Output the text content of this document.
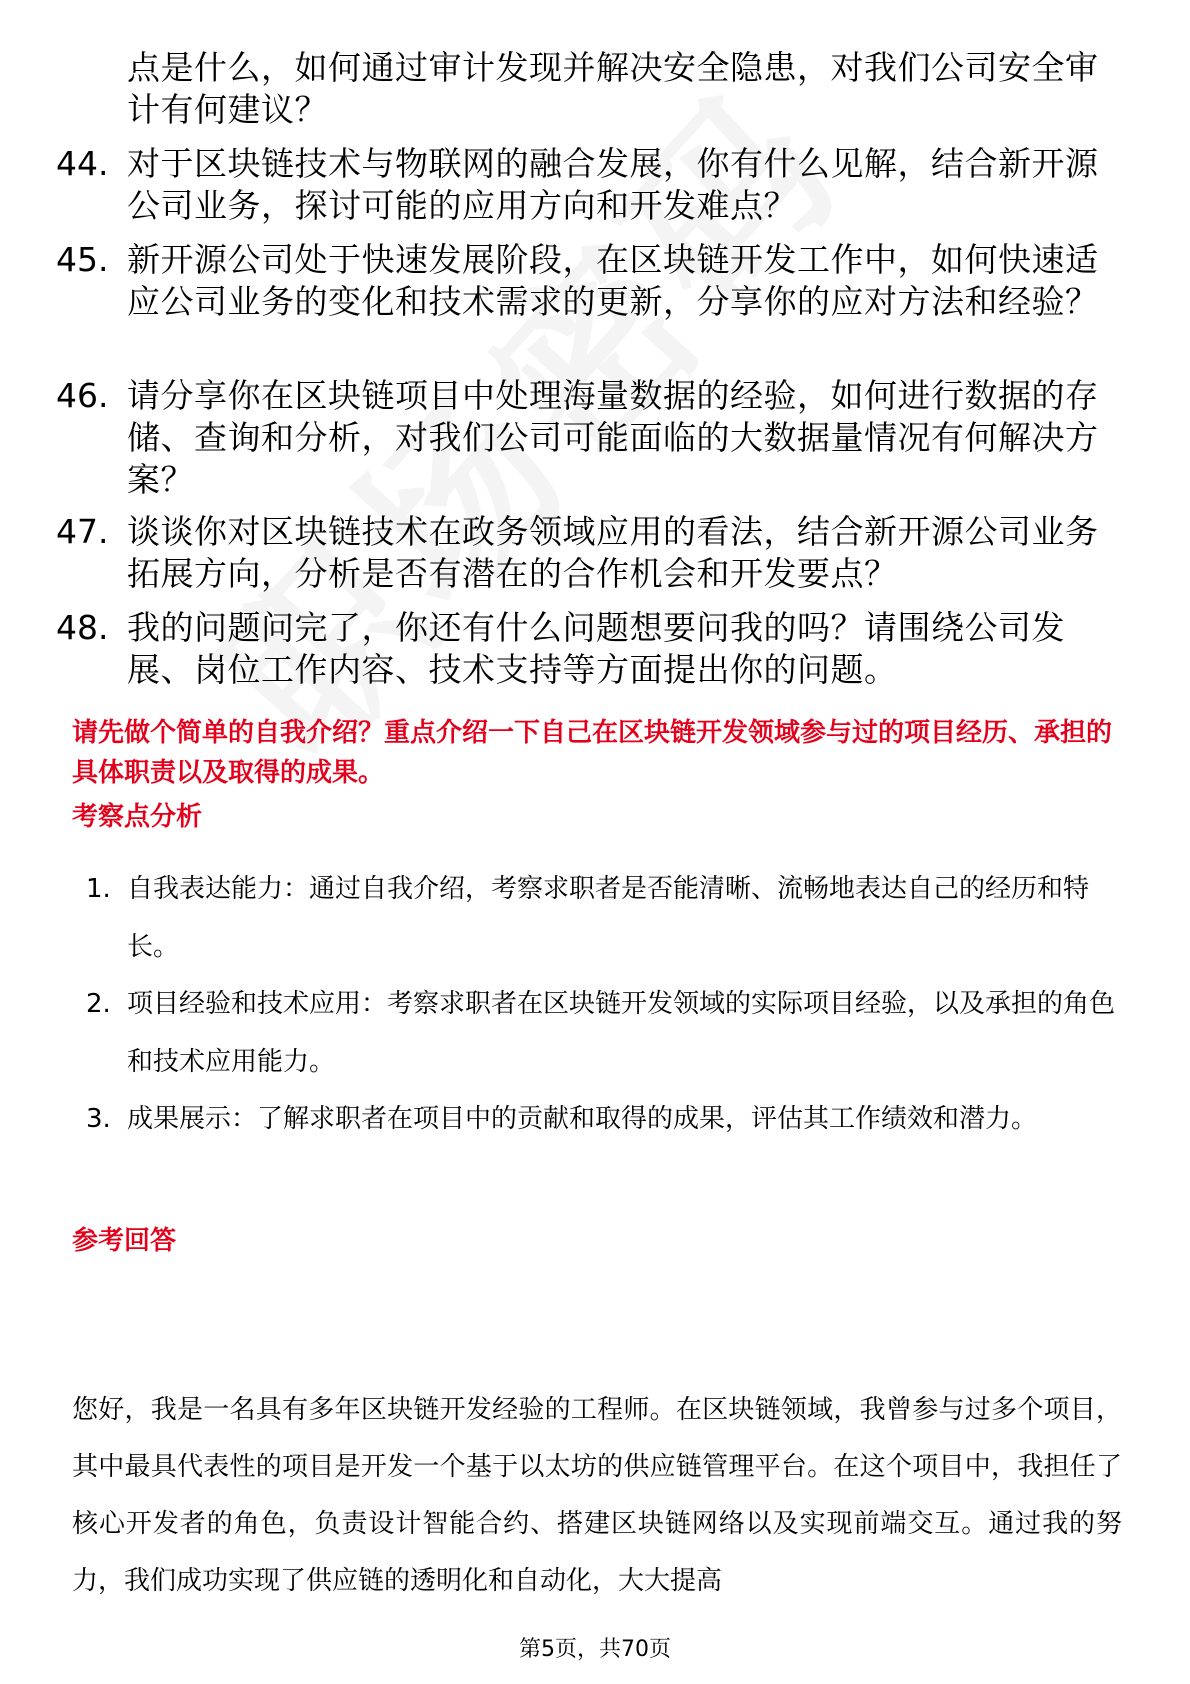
点是什么，如何通过审计发现并解决安全隐患，对我们公司安全审计有何建议？
44. 对于区块链技术与物联网的融合发展，你有什么见解，结合新开源公司业务，探讨可能的应用方向和开发难点？
45. 新开源公司处于快速发展阶段，在区块链开发工作中，如何快速适应公司业务的变化和技术需求的更新，分享你的应对方法和经验？
46. 请分享你在区块链项目中处理海量数据的经验，如何进行数据的存储、查询和分析，对我们公司可能面临的大数据量情况有何解决方案？
47. 谈谈你对区块链技术在政务领域应用的看法，结合新开源公司业务拓展方向，分析是否有潜在的合作机会和开发要点？
48. 我的问题问完了，你还有什么问题想要问我的吗？请围绕公司发展、岗位工作内容、技术支持等方面提出你的问题。
请先做个简单的自我介绍？重点介绍一下自己在区块链开发领域参与过的项目经历、承担的具体职责以及取得的成果。
考察点分析
1. 自我表达能力：通过自我介绍，考察求职者是否能清晰、流畅地表达自己的经历和特长。
2. 项目经验和技术应用：考察求职者在区块链开发领域的实际项目经验，以及承担的角色和技术应用能力。
3. 成果展示：了解求职者在项目中的贡献和取得的成果，评估其工作绩效和潜力。
参考回答
您好，我是一名具有多年区块链开发经验的工程师。在区块链领域，我曾参与过多个项目，其中最具代表性的项目是开发一个基于以太坊的供应链管理平台。在这个项目中，我担任了核心开发者的角色，负责设计智能合约、搭建区块链网络以及实现前端交互。通过我的努力，我们成功实现了供应链的透明化和自动化，大大提高
第5页，共70页
